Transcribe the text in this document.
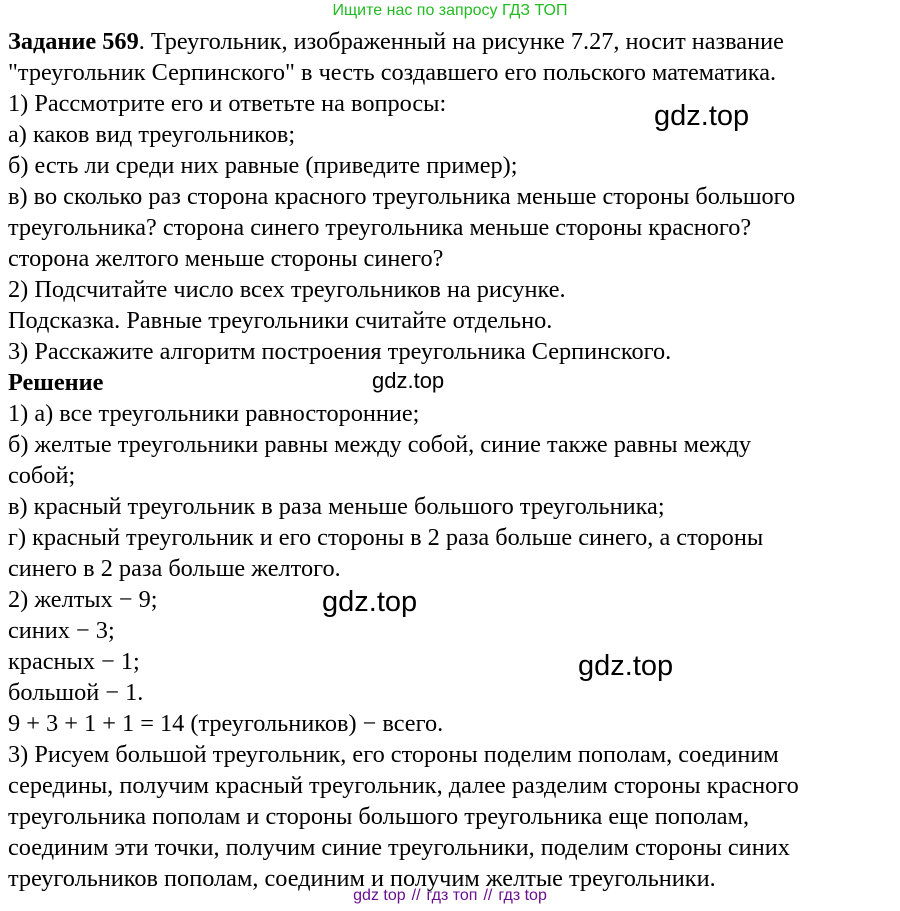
Ищите нас по запросу ГДЗ ТОП
Задание 569. Треугольник, изображенный на рисунке 7.27, носит название
"треугольник Серпинского" в честь создавшего его польского математика.
1) Рассмотрите его и ответьте на вопросы:
а) каков вид треугольников;
б) есть ли среди них равные (приведите пример);
в) во сколько раз сторона красного треугольника меньше стороны большого
треугольника? сторона синего треугольника меньше стороны красного?
сторона желтого меньше стороны синего?
2) Подсчитайте число всех треугольников на рисунке.
Подсказка. Равные треугольники считайте отдельно.
3) Расскажите алгоритм построения треугольника Серпинского.
Решение
1) а) все треугольники равносторонние;
б) желтые треугольники равны между собой, синие также равны между
собой;
в) красный треугольник в раза меньше большого треугольника;
г) красный треугольник и его стороны в 2 раза больше синего, а стороны
синего в 2 раза больше желтого.
2) желтых − 9;
синих − 3;
красных − 1;
большой − 1.
9 + 3 + 1 + 1 = 14 (треугольников) − всего.
3) Рисуем большой треугольник, его стороны поделим пополам, соединим
середины, получим красный треугольник, далее разделим стороны красного
треугольника пополам и стороны большого треугольника еще пополам,
соединим эти точки, получим синие треугольники, поделим стороны синих
треугольников пополам, соединим и получим желтые треугольники.
gdz.top
gdz.top
gdz.top
gdz.top
gdz top // гдз топ // гдз top
